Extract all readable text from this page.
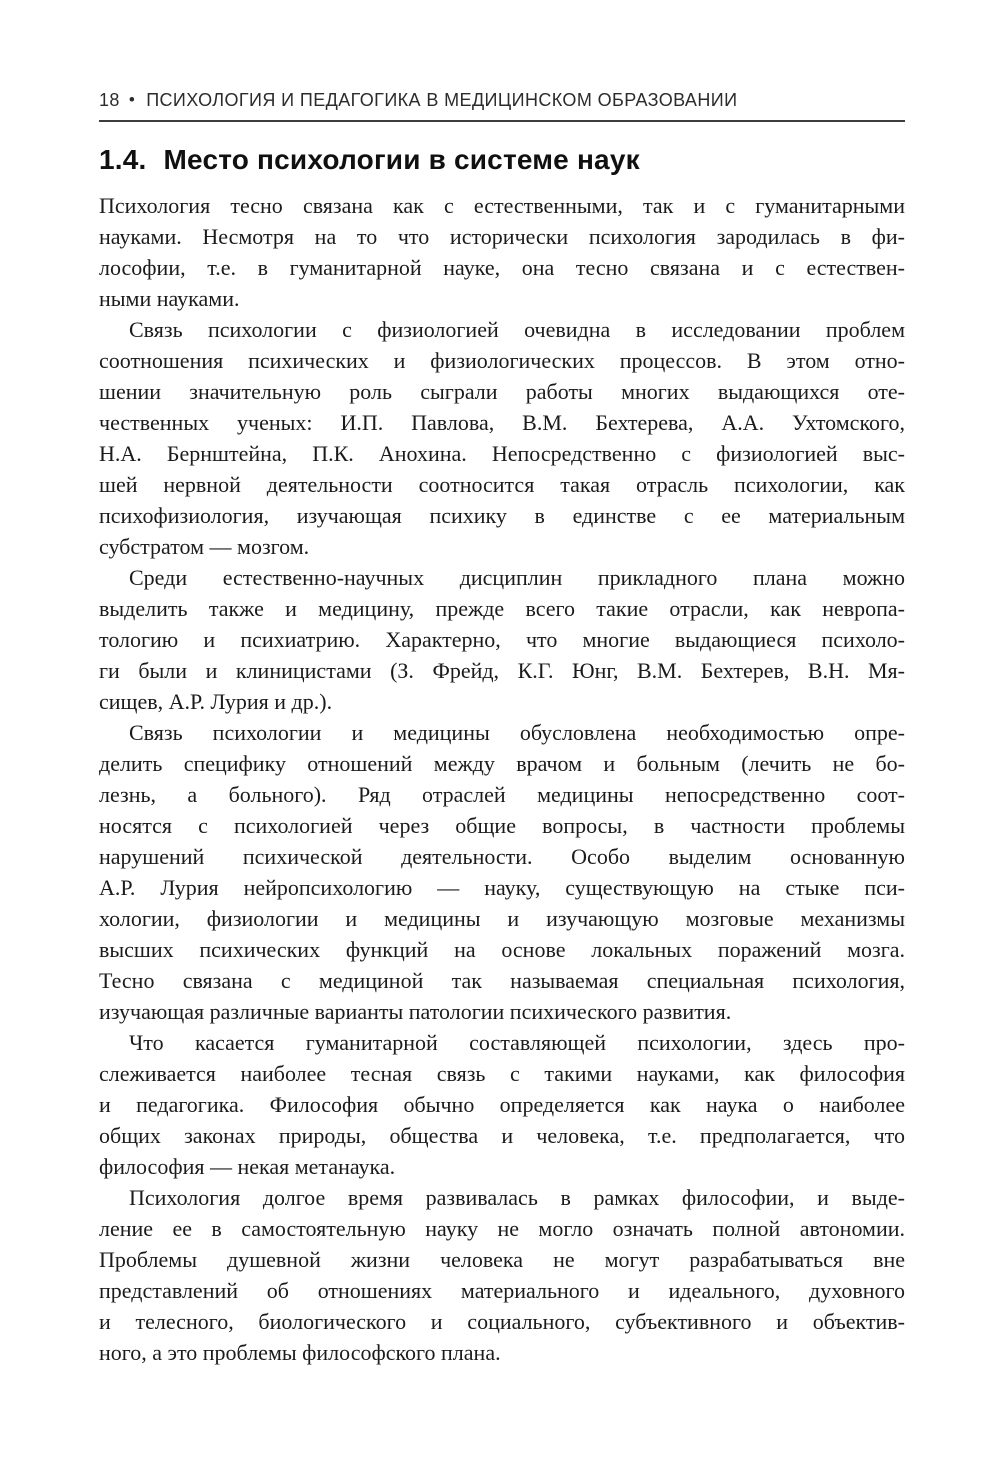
18 • ПСИХОЛОГИЯ И ПЕДАГОГИКА В МЕДИЦИНСКОМ ОБРАЗОВАНИИ
1.4. Место психологии в системе наук
Психология тесно связана как с естественными, так и с гуманитарными
науками. Несмотря на то что исторически психология зародилась в фи-
лософии, т.е. в гуманитарной науке, она тесно связана и с естествен-
ными науками.
Связь психологии с физиологией очевидна в исследовании проблем
соотношения психических и физиологических процессов. В этом отно-
шении значительную роль сыграли работы многих выдающихся оте-
чественных ученых: И.П. Павлова, В.М. Бехтерева, А.А. Ухтомского,
Н.А. Бернштейна, П.К. Анохина. Непосредственно с физиологией выс-
шей нервной деятельности соотносится такая отрасль психологии, как
психофизиология, изучающая психику в единстве с ее материальным
субстратом — мозгом.
Среди естественно-научных дисциплин прикладного плана можно
выделить также и медицину, прежде всего такие отрасли, как невропа-
тологию и психиатрию. Характерно, что многие выдающиеся психоло-
ги были и клиницистами (З. Фрейд, К.Г. Юнг, В.М. Бехтерев, В.Н. Мя-
сищев, А.Р. Лурия и др.).
Связь психологии и медицины обусловлена необходимостью опре-
делить специфику отношений между врачом и больным (лечить не бо-
лезнь, а больного). Ряд отраслей медицины непосредственно соот-
носятся с психологией через общие вопросы, в частности проблемы
нарушений психической деятельности. Особо выделим основанную
А.Р. Лурия нейропсихологию — науку, существующую на стыке пси-
хологии, физиологии и медицины и изучающую мозговые механизмы
высших психических функций на основе локальных поражений мозга.
Тесно связана с медициной так называемая специальная психология,
изучающая различные варианты патологии психического развития.
Что касается гуманитарной составляющей психологии, здесь про-
слеживается наиболее тесная связь с такими науками, как философия
и педагогика. Философия обычно определяется как наука о наиболее
общих законах природы, общества и человека, т.е. предполагается, что
философия — некая метанаука.
Психология долгое время развивалась в рамках философии, и выде-
ление ее в самостоятельную науку не могло означать полной автономии.
Проблемы душевной жизни человека не могут разрабатываться вне
представлений об отношениях материального и идеального, духовного
и телесного, биологического и социального, субъективного и объектив-
ного, а это проблемы философского плана.
